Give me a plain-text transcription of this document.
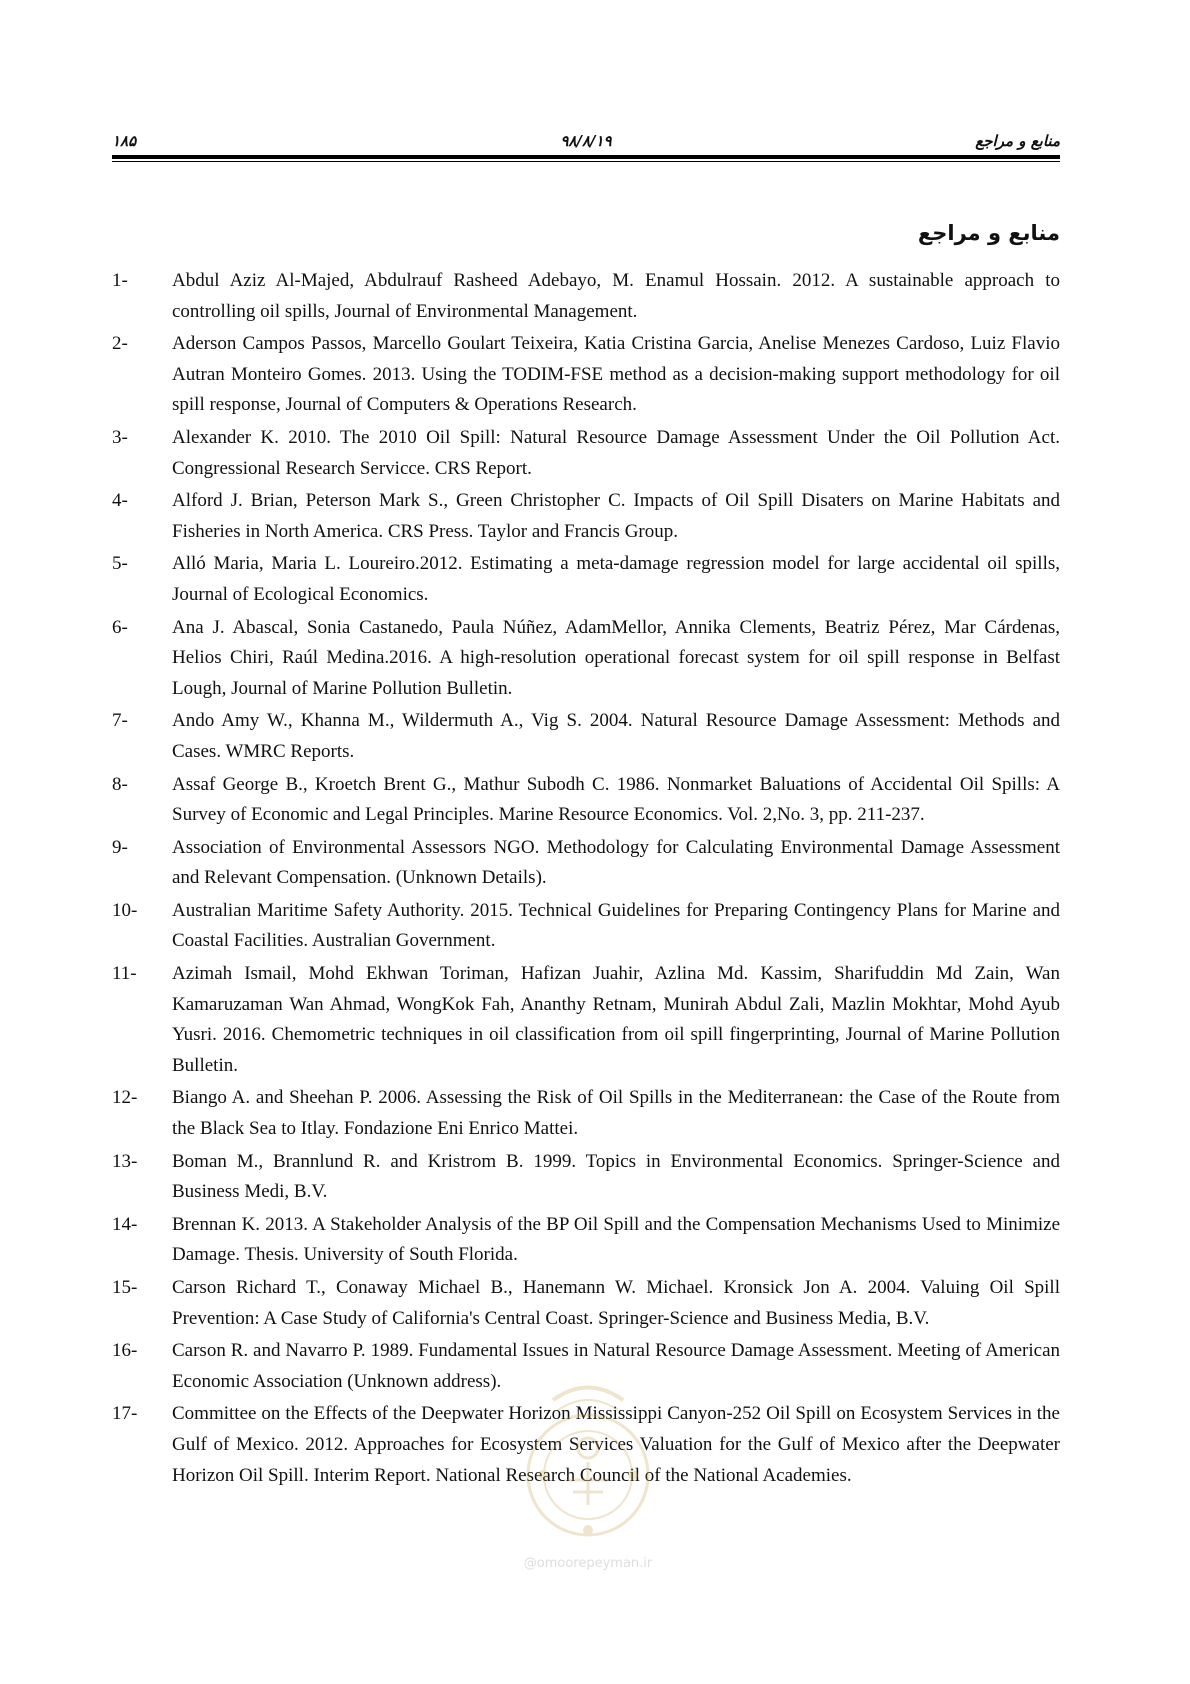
۱۸۵	۹۸/۸/۱۹	منابع و مراجع
منابع و مراجع
1-	Abdul Aziz Al-Majed, Abdulrauf Rasheed Adebayo, M. Enamul Hossain. 2012. A sustainable approach to controlling oil spills, Journal of Environmental Management.
2-	Aderson Campos Passos, Marcello Goulart Teixeira, Katia Cristina Garcia, Anelise Menezes Cardoso, Luiz Flavio Autran Monteiro Gomes. 2013. Using the TODIM-FSE method as a decision-making support methodology for oil spill response, Journal of Computers & Operations Research.
3-	Alexander K. 2010. The 2010 Oil Spill: Natural Resource Damage Assessment Under the Oil Pollution Act. Congressional Research Servicce. CRS Report.
4-	Alford J. Brian, Peterson Mark S., Green Christopher C. Impacts of Oil Spill Disaters on Marine Habitats and Fisheries in North America. CRS Press. Taylor and Francis Group.
5-	Alló Maria, Maria L. Loureiro.2012. Estimating a meta-damage regression model for large accidental oil spills, Journal of Ecological Economics.
6-	Ana J. Abascal, Sonia Castanedo, Paula Núñez, AdamMellor, Annika Clements, Beatriz Pérez, Mar Cárdenas, Helios Chiri, Raúl Medina.2016. A high-resolution operational forecast system for oil spill response in Belfast Lough, Journal of Marine Pollution Bulletin.
7-	Ando Amy W., Khanna M., Wildermuth A., Vig S. 2004. Natural Resource Damage Assessment: Methods and Cases. WMRC Reports.
8-	Assaf George B., Kroetch Brent G., Mathur Subodh C. 1986. Nonmarket Baluations of Accidental Oil Spills: A Survey of Economic and Legal Principles. Marine Resource Economics. Vol. 2,No. 3, pp. 211-237.
9-	Association of Environmental Assessors NGO. Methodology for Calculating Environmental Damage Assessment and Relevant Compensation. (Unknown Details).
10-	Australian Maritime Safety Authority. 2015. Technical Guidelines for Preparing Contingency Plans for Marine and Coastal Facilities. Australian Government.
11-	Azimah Ismail, Mohd Ekhwan Toriman, Hafizan Juahir, Azlina Md. Kassim, Sharifuddin Md Zain, Wan Kamaruzaman Wan Ahmad, WongKok Fah, Ananthy Retnam, Munirah Abdul Zali, Mazlin Mokhtar, Mohd Ayub Yusri. 2016. Chemometric techniques in oil classification from oil spill fingerprinting, Journal of Marine Pollution Bulletin.
12-	Biango A. and Sheehan P. 2006. Assessing the Risk of Oil Spills in the Mediterranean: the Case of the Route from the Black Sea to Itlay. Fondazione Eni Enrico Mattei.
13-	Boman M., Brannlund R. and Kristrom B. 1999. Topics in Environmental Economics. Springer-Science and Business Medi, B.V.
14-	Brennan K. 2013. A Stakeholder Analysis of the BP Oil Spill and the Compensation Mechanisms Used to Minimize Damage. Thesis. University of South Florida.
15-	Carson Richard T., Conaway Michael B., Hanemann W. Michael. Kronsick Jon A. 2004. Valuing Oil Spill Prevention: A Case Study of California's Central Coast. Springer-Science and Business Media, B.V.
16-	Carson R. and Navarro P. 1989. Fundamental Issues in Natural Resource Damage Assessment. Meeting of American Economic Association (Unknown address).
17-	Committee on the Effects of the Deepwater Horizon Mississippi Canyon-252 Oil Spill on Ecosystem Services in the Gulf of Mexico. 2012. Approaches for Ecosystem Services Valuation for the Gulf of Mexico after the Deepwater Horizon Oil Spill. Interim Report. National Research Council of the National Academies.
@omoorepeyman.ir
